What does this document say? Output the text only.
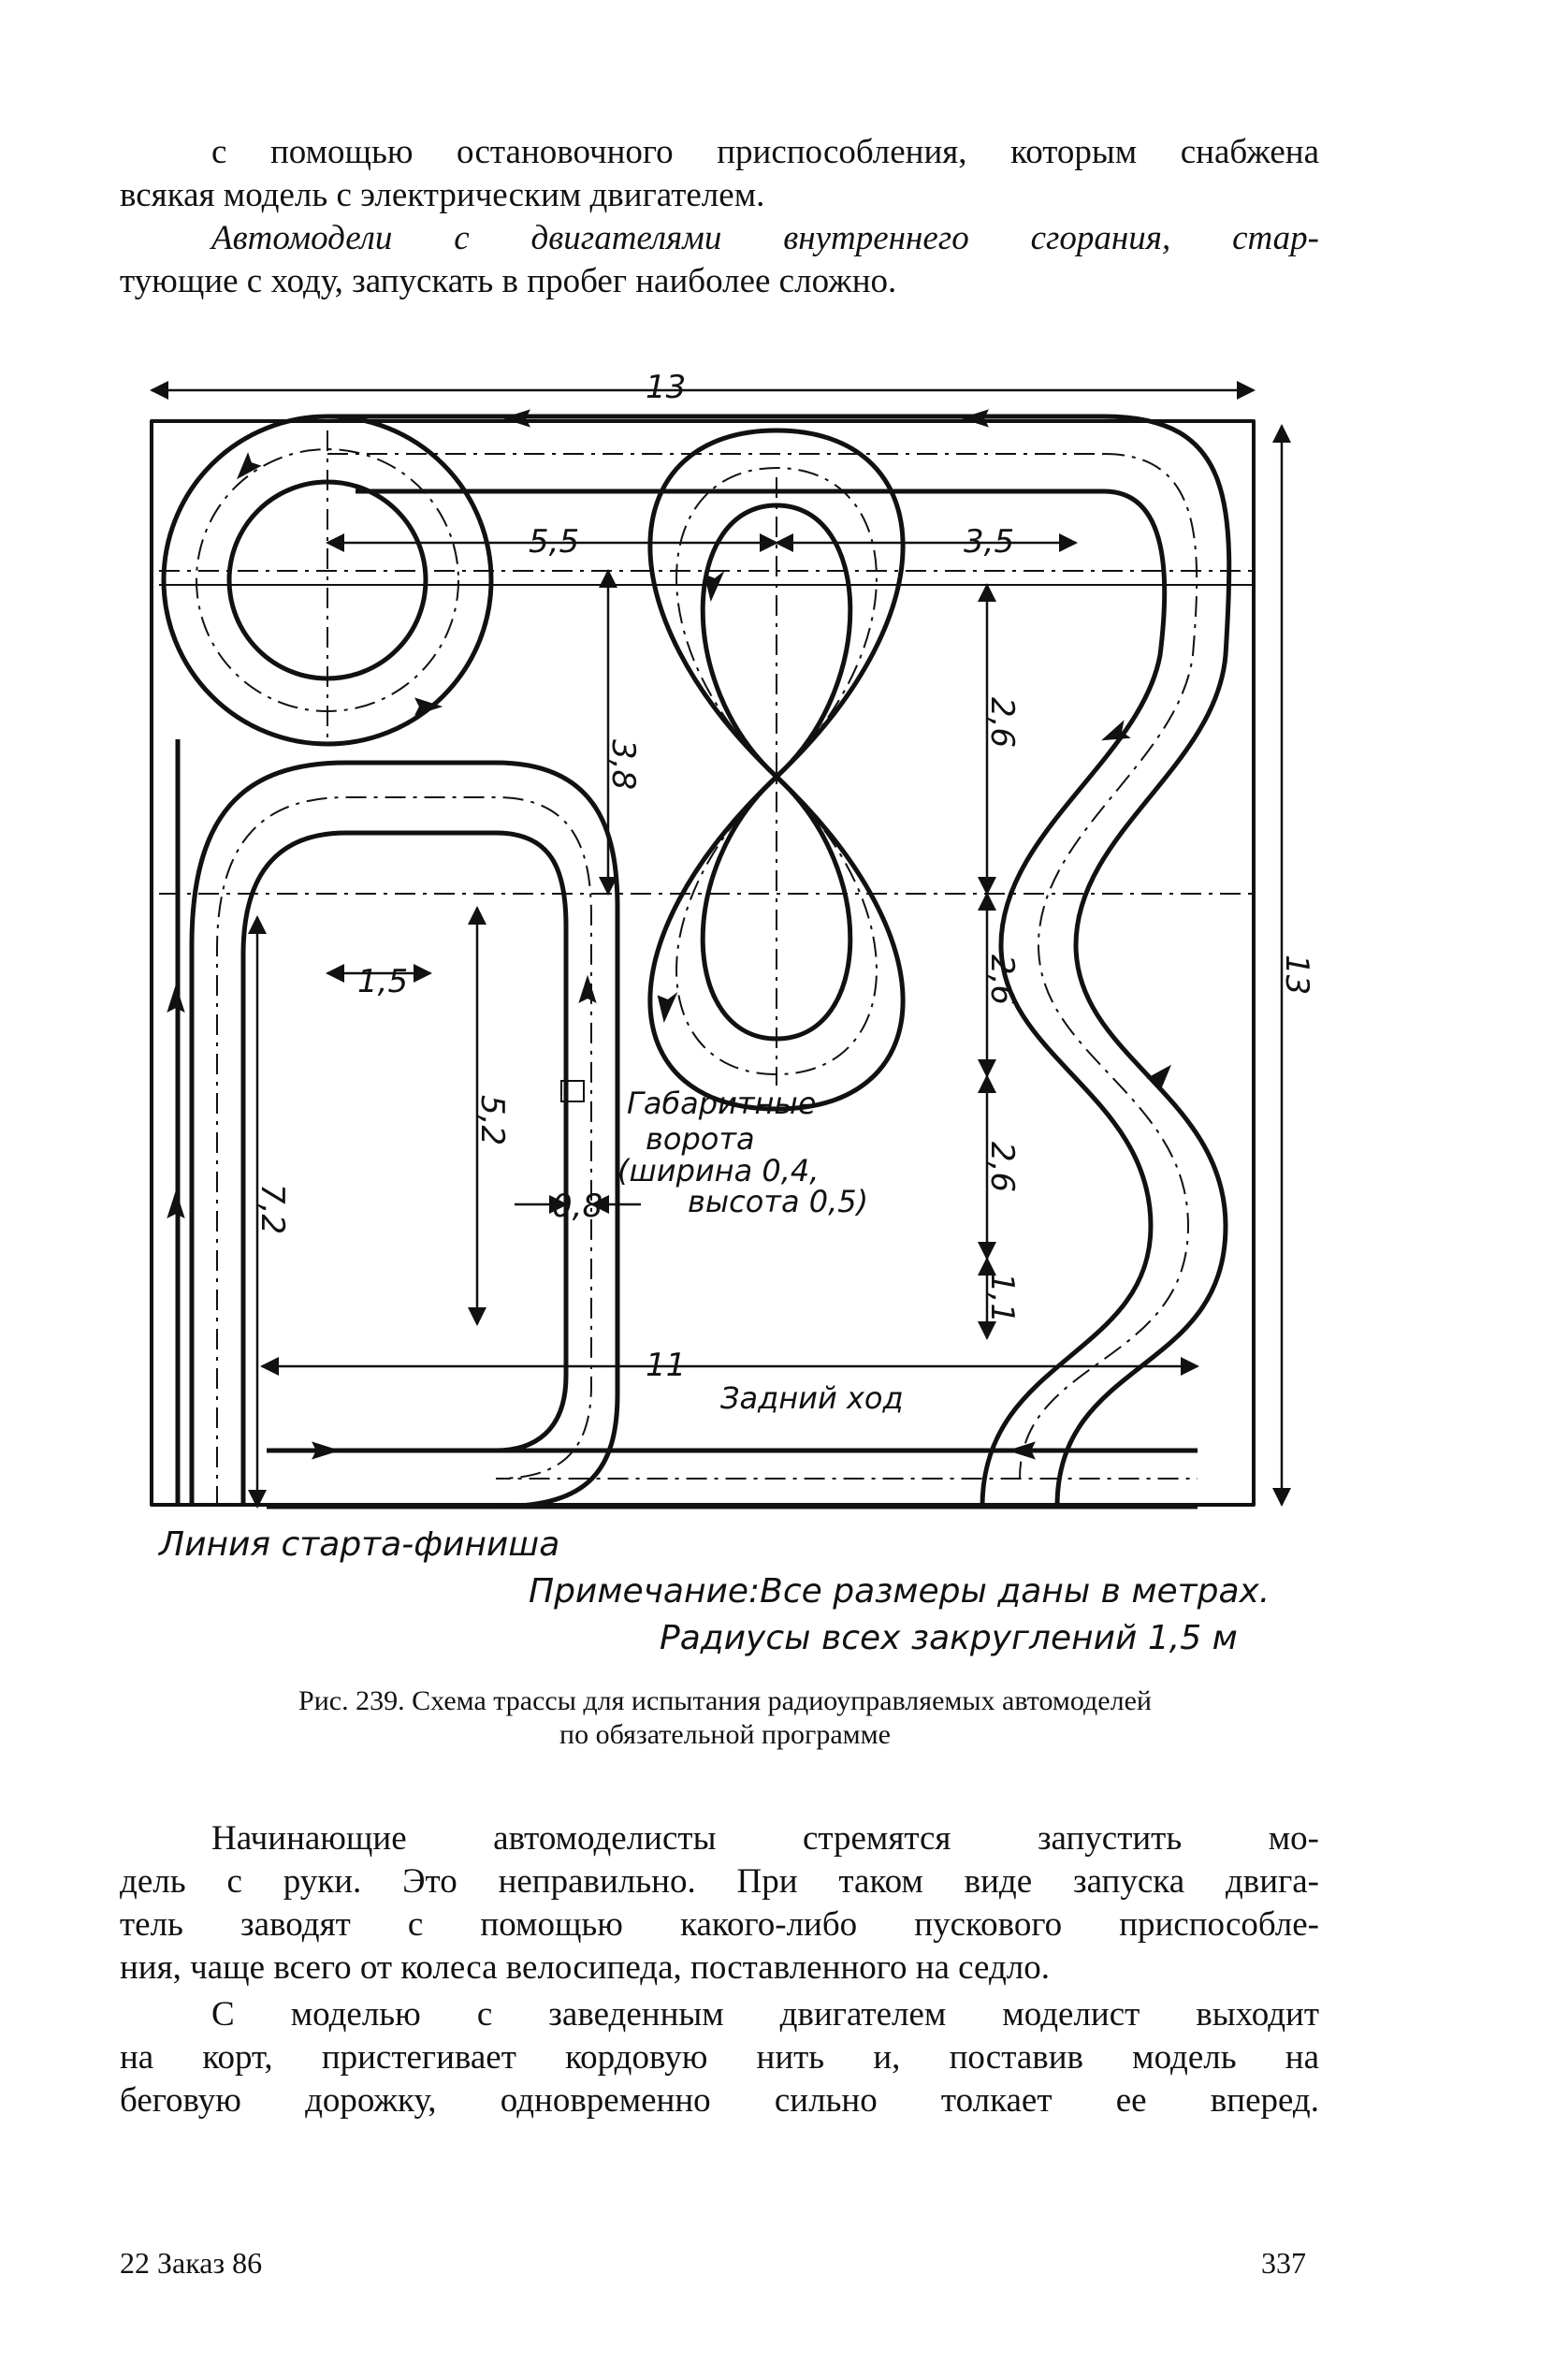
с помощью остановочного приспособления, которым снабжена
всякая модель с электрическим двигателем.
Автомодели с двигателями внутреннего сгорания, стар-
тующие с ходу, запускать в пробег наиболее сложно.
13
13
5,5	3,5
3,8
2,6
2,6
2,6
1,1
1,5
5,2
7,2	0,8
11
Габаритные
ворота
(ширина 0,4,
высота 0,5)
Задний ход
Линия старта-финиша
Примечание:Все размеры даны в метрах.
Радиусы всех закруглений 1,5 м
Рис. 239. Схема трассы для испытания радиоуправляемых автомоделей
по обязательной программе
Начинающие автомоделисты стремятся запустить мо-
дель с руки. Это неправильно. При таком виде запуска двига-
тель заводят с помощью какого-либо пускового приспособле-
ния, чаще всего от колеса велосипеда, поставленного на седло.
С моделью с заведенным двигателем моделист выходит
на корт, пристегивает кордовую нить и, поставив модель на
беговую дорожку, одновременно сильно толкает ее вперед.
22 Заказ 86	337
